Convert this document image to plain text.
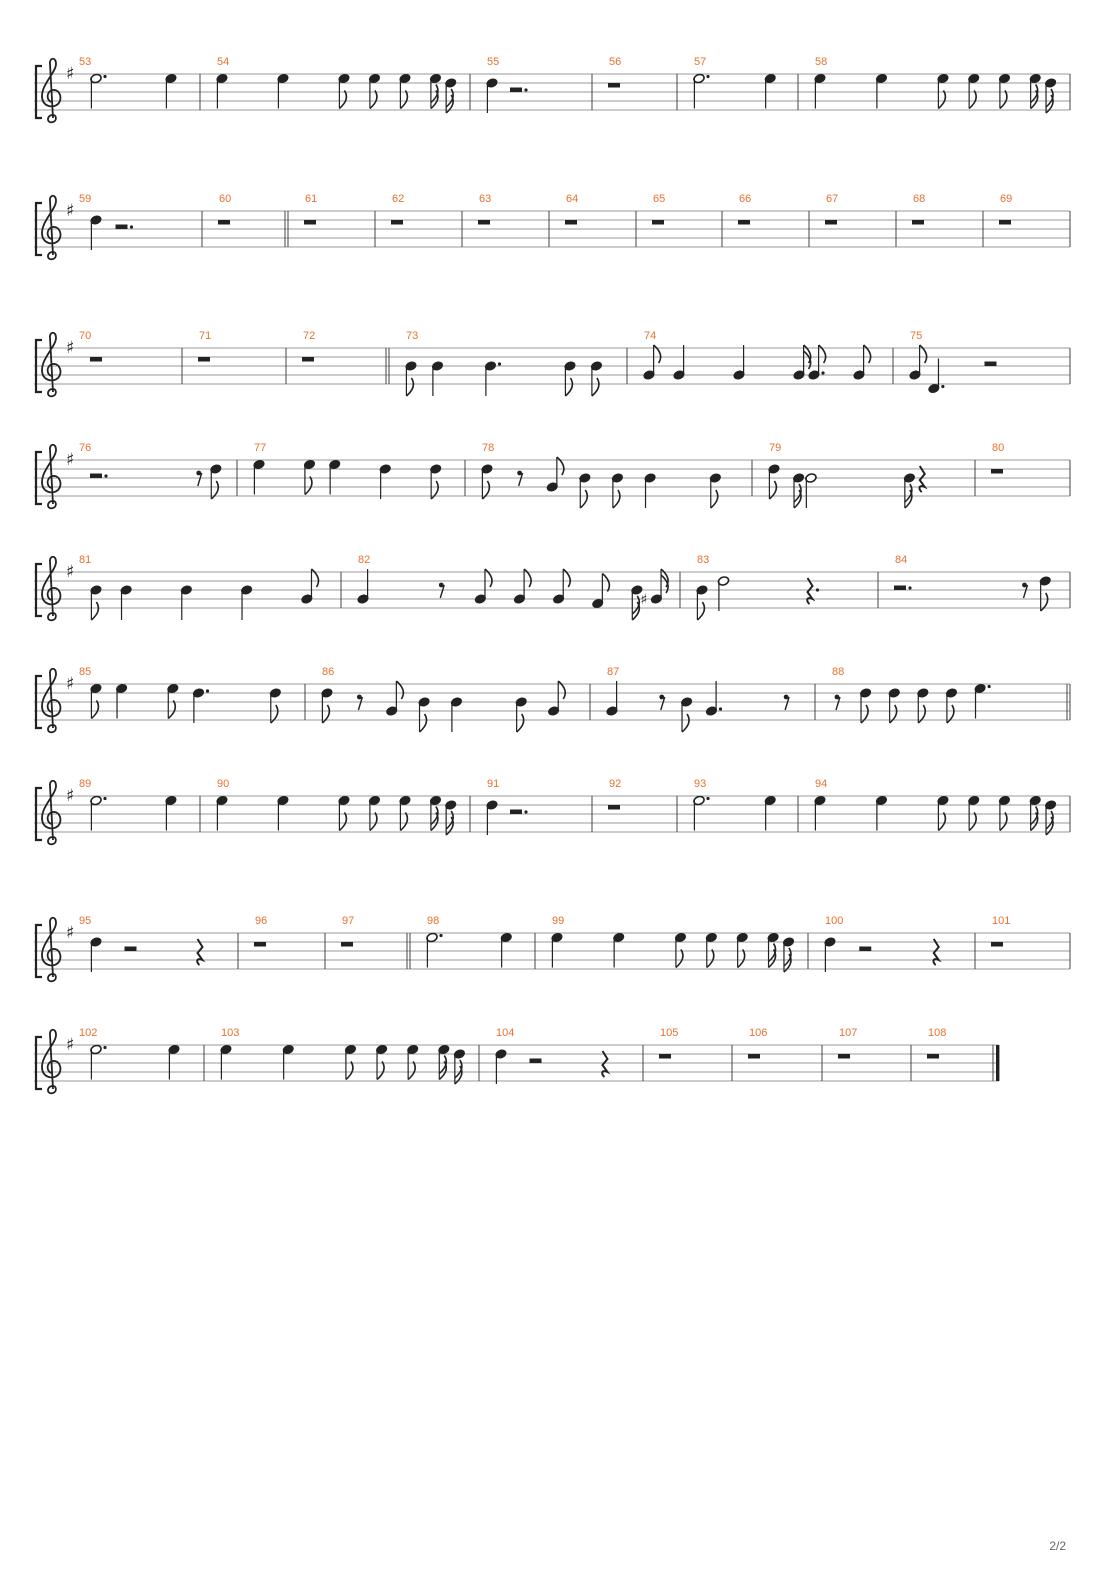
♯
53	54	55	56	57	58
♯
59	60	61	62	63	64	65	66	67	68	69
♯
70	71	72	73	74	75
♯
76	77	78	79	80
♯
81	82
♯
83	84
♯
85	86	87	88
♯
89	90	91	92	93	94
♯
95	96	97	98	99	100	101
♯
102	103	104	105	106	107	108
2/2
